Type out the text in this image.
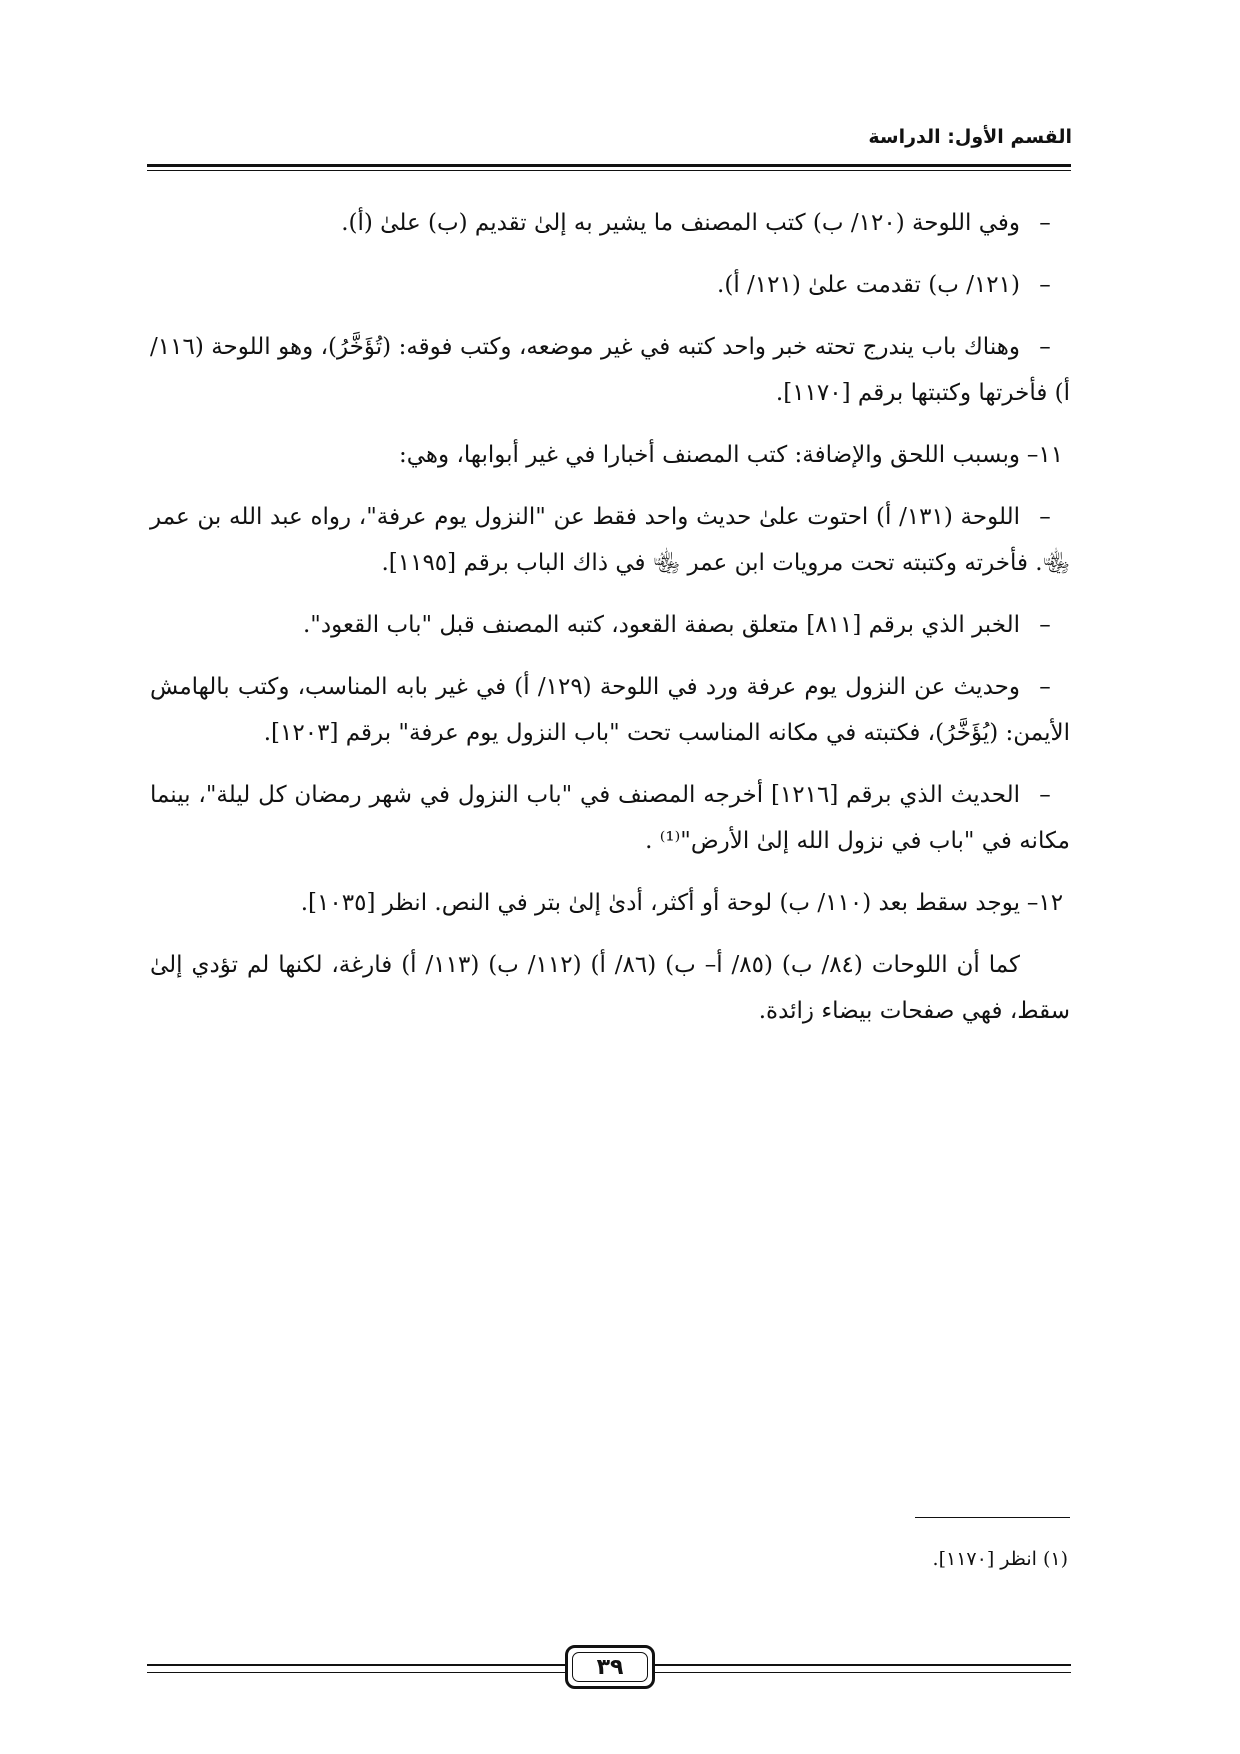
القسم الأول: الدراسة

–وفي اللوحة (١٢٠/ ب) كتب المصنف ما يشير به إلىٰ تقديم (ب) علىٰ (أ).

–(١٢١/ ب) تقدمت علىٰ (١٢١/ أ).

–وهناك باب يندرج تحته خبر واحد كتبه في غير موضعه، وكتب فوقه: (تُؤَخَّرُ)، وهو اللوحة (١١٦/ أ) فأخرتها وكتبتها برقم [١١٧٠].

١١–وبسبب اللحق والإضافة: كتب المصنف أخبارا في غير أبوابها، وهي:

–اللوحة (١٣١/ أ) احتوت علىٰ حديث واحد فقط عن "النزول يوم عرفة"، رواه عبد الله بن عمر ﵄. فأخرته وكتبته تحت مرويات ابن عمر ﵄ في ذاك الباب برقم [١١٩٥].

–الخبر الذي برقم [٨١١] متعلق بصفة القعود، كتبه المصنف قبل "باب القعود".

–وحديث عن النزول يوم عرفة ورد في اللوحة (١٢٩/ أ) في غير بابه المناسب، وكتب بالهامش الأيمن: (يُؤَخَّرُ)، فكتبته في مكانه المناسب تحت "باب النزول يوم عرفة" برقم [١٢٠٣].

–الحديث الذي برقم [١٢١٦] أخرجه المصنف في "باب النزول في شهر رمضان كل ليلة"، بينما مكانه في "باب في نزول الله إلىٰ الأرض"⁽¹⁾ .

١٢–يوجد سقط بعد (١١٠/ ب) لوحة أو أكثر، أدىٰ إلىٰ بتر في النص. انظر [١٠٣٥].

كما أن اللوحات (٨٤/ ب) (٨٥/ أ– ب) (٨٦/ أ) (١١٢/ ب) (١١٣/ أ) فارغة، لكنها لم تؤدي إلىٰ سقط، فهي صفحات بيضاء زائدة.

(١) انظر [١١٧٠].
٣٩
